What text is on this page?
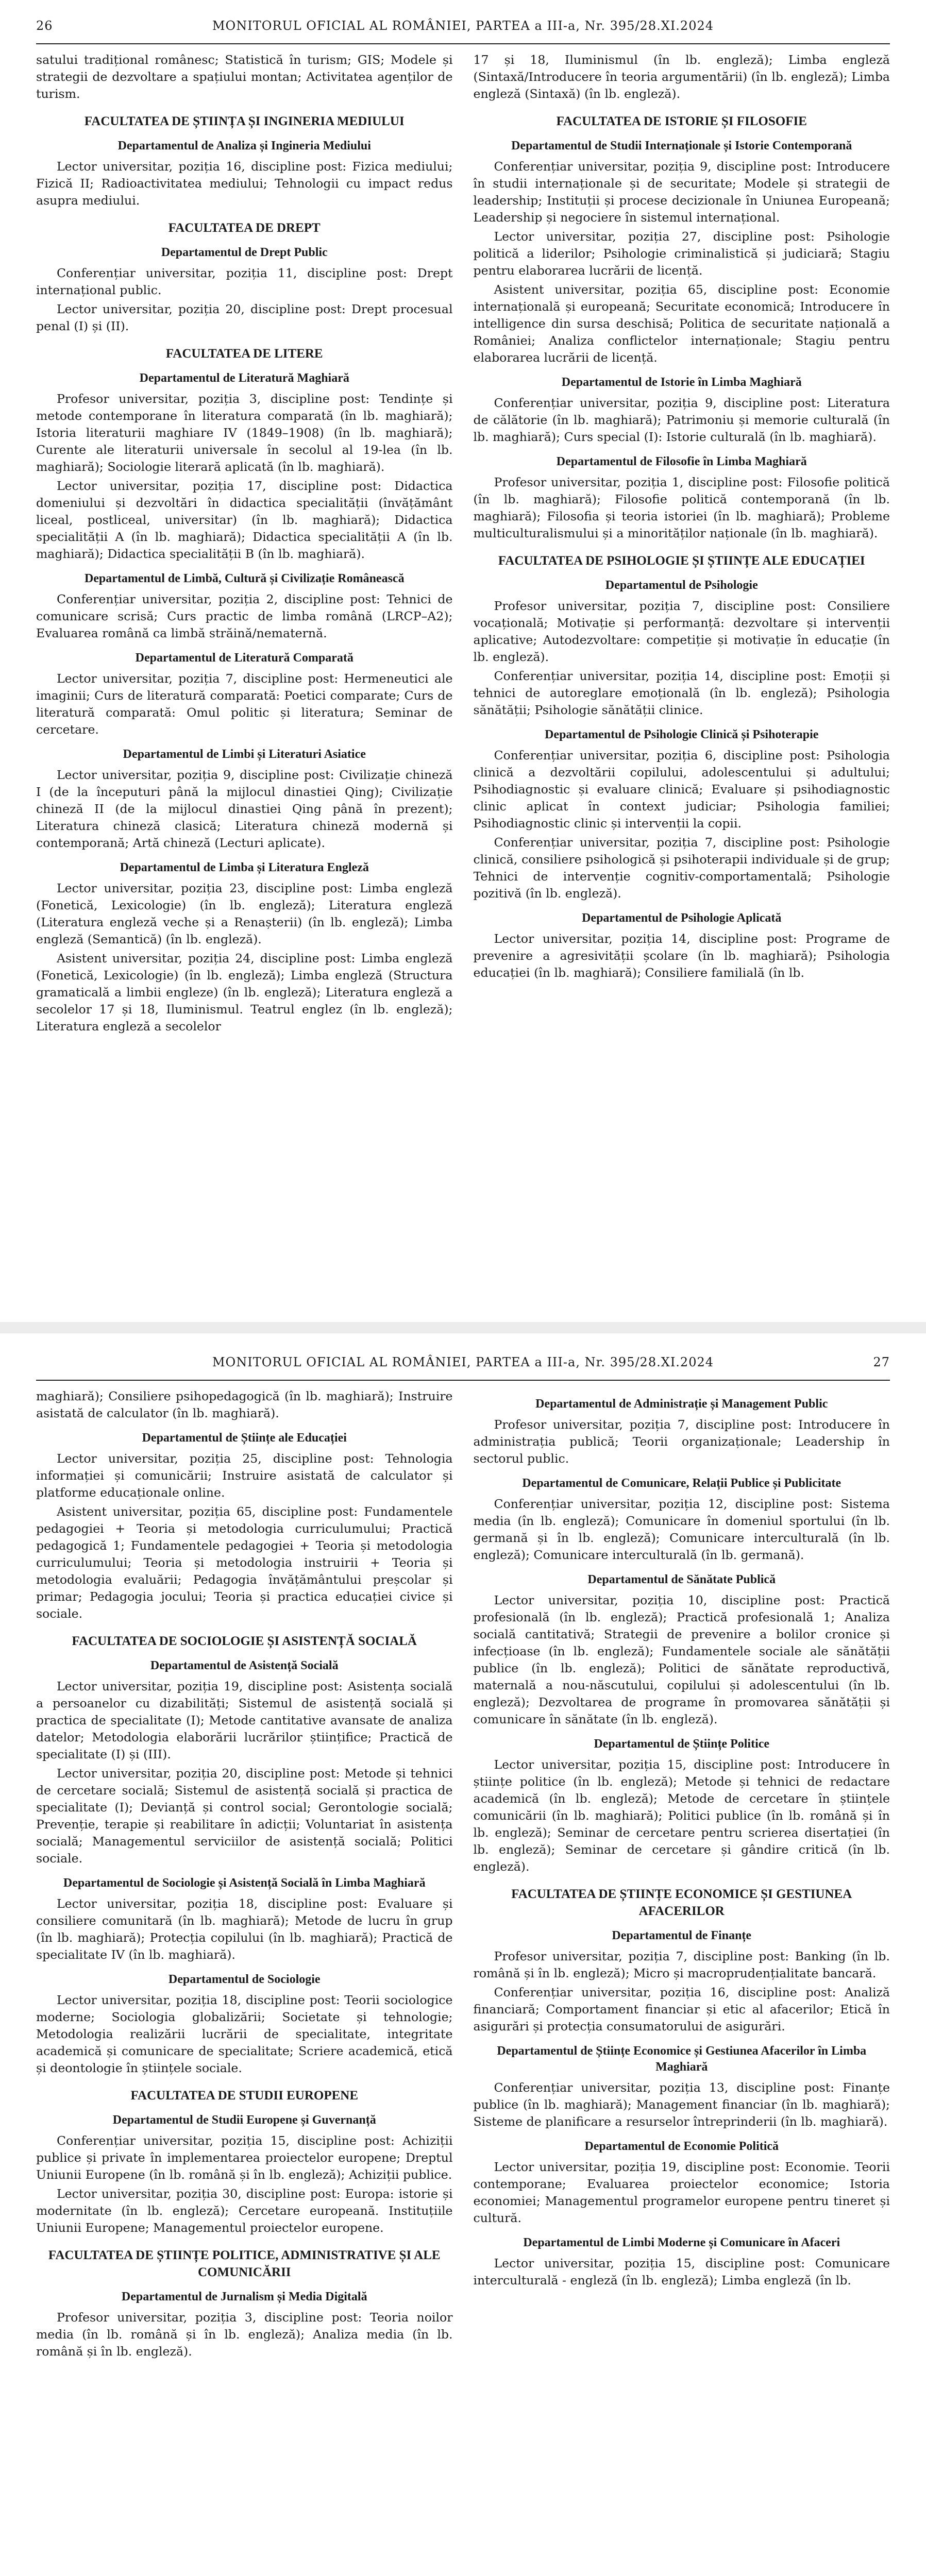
26	MONITORUL OFICIAL AL ROMÂNIEI, PARTEA a III-a, Nr. 395/28.XI.2024
satului tradițional românesc; Statistică în turism; GIS; Modele și strategii de dezvoltare a spațiului montan; Activitatea agenților de turism.
FACULTATEA DE ȘTIINȚA ȘI INGINERIA MEDIULUI
Departamentul de Analiza și Ingineria Mediului
Lector universitar, poziția 16, discipline post: Fizica mediului; Fizică II; Radioactivitatea mediului; Tehnologii cu impact redus asupra mediului.
FACULTATEA DE DREPT
Departamentul de Drept Public
Conferențiar universitar, poziția 11, discipline post: Drept internațional public.
Lector universitar, poziția 20, discipline post: Drept procesual penal (I) și (II).
FACULTATEA DE LITERE
Departamentul de Literatură Maghiară
Profesor universitar, poziția 3, discipline post: Tendințe și metode contemporane în literatura comparată (în lb. maghiară); Istoria literaturii maghiare IV (1849–1908) (în lb. maghiară); Curente ale literaturii universale în secolul al 19-lea (în lb. maghiară); Sociologie literară aplicată (în lb. maghiară).
Lector universitar, poziția 17, discipline post: Didactica domeniului și dezvoltări în didactica specialității (învățământ liceal, postliceal, universitar) (în lb. maghiară); Didactica specialității A (în lb. maghiară); Didactica specialității A (în lb. maghiară); Didactica specialității B (în lb. maghiară).
Departamentul de Limbă, Cultură și Civilizație Românească
Conferențiar universitar, poziția 2, discipline post: Tehnici de comunicare scrisă; Curs practic de limba română (LRCP–A2); Evaluarea română ca limbă străină/nematernă.
Departamentul de Literatură Comparată
Lector universitar, poziția 7, discipline post: Hermeneutici ale imaginii; Curs de literatură comparată: Poetici comparate; Curs de literatură comparată: Omul politic și literatura; Seminar de cercetare.
Departamentul de Limbi și Literaturi Asiatice
Lector universitar, poziția 9, discipline post: Civilizație chineză I (de la începuturi până la mijlocul dinastiei Qing); Civilizație chineză II (de la mijlocul dinastiei Qing până în prezent); Literatura chineză clasică; Literatura chineză modernă și contemporană; Artă chineză (Lecturi aplicate).
Departamentul de Limba și Literatura Engleză
Lector universitar, poziția 23, discipline post: Limba engleză (Fonetică, Lexicologie) (în lb. engleză); Literatura engleză (Literatura engleză veche și a Renașterii) (în lb. engleză); Limba engleză (Semantică) (în lb. engleză).
Asistent universitar, poziția 24, discipline post: Limba engleză (Fonetică, Lexicologie) (în lb. engleză); Limba engleză (Structura gramaticală a limbii engleze) (în lb. engleză); Literatura engleză a secolelor 17 și 18, Iluminismul. Teatrul englez (în lb. engleză); Literatura engleză a secolelor
17 și 18, Iluminismul (în lb. engleză); Limba engleză (Sintaxă/Introducere în teoria argumentării) (în lb. engleză); Limba engleză (Sintaxă) (în lb. engleză).
FACULTATEA DE ISTORIE ȘI FILOSOFIE
Departamentul de Studii Internaționale și Istorie Contemporană
Conferențiar universitar, poziția 9, discipline post: Introducere în studii internaționale și de securitate; Modele și strategii de leadership; Instituții și procese decizionale în Uniunea Europeană; Leadership și negociere în sistemul internațional.
Lector universitar, poziția 27, discipline post: Psihologie politică a liderilor; Psihologie criminalistică și judiciară; Stagiu pentru elaborarea lucrării de licență.
Asistent universitar, poziția 65, discipline post: Economie internațională și europeană; Securitate economică; Introducere în intelligence din sursa deschisă; Politica de securitate națională a României; Analiza conflictelor internaționale; Stagiu pentru elaborarea lucrării de licență.
Departamentul de Istorie în Limba Maghiară
Conferențiar universitar, poziția 9, discipline post: Literatura de călătorie (în lb. maghiară); Patrimoniu și memorie culturală (în lb. maghiară); Curs special (I): Istorie culturală (în lb. maghiară).
Departamentul de Filosofie în Limba Maghiară
Profesor universitar, poziția 1, discipline post: Filosofie politică (în lb. maghiară); Filosofie politică contemporană (în lb. maghiară); Filosofia și teoria istoriei (în lb. maghiară); Probleme multiculturalismului și a minorităților naționale (în lb. maghiară).
FACULTATEA DE PSIHOLOGIE ȘI ȘTIINȚE ALE EDUCAȚIEI
Departamentul de Psihologie
Profesor universitar, poziția 7, discipline post: Consiliere vocațională; Motivație și performanță: dezvoltare și intervenții aplicative; Autodezvoltare: competiție și motivație în educație (în lb. engleză).
Conferențiar universitar, poziția 14, discipline post: Emoții și tehnici de autoreglare emoțională (în lb. engleză); Psihologia sănătății; Psihologie sănătății clinice.
Departamentul de Psihologie Clinică și Psihoterapie
Conferențiar universitar, poziția 6, discipline post: Psihologia clinică a dezvoltării copilului, adolescentului și adultului; Psihodiagnostic și evaluare clinică; Evaluare și psihodiagnostic clinic aplicat în context judiciar; Psihologia familiei; Psihodiagnostic clinic și intervenții la copii.
Conferențiar universitar, poziția 7, discipline post: Psihologie clinică, consiliere psihologică și psihoterapii individuale și de grup; Tehnici de intervenție cognitiv-comportamentală; Psihologie pozitivă (în lb. engleză).
Departamentul de Psihologie Aplicată
Lector universitar, poziția 14, discipline post: Programe de prevenire a agresivității școlare (în lb. maghiară); Psihologia educației (în lb. maghiară); Consiliere familială (în lb.
MONITORUL OFICIAL AL ROMÂNIEI, PARTEA a III-a, Nr. 395/28.XI.2024	27
maghiară); Consiliere psihopedagogică (în lb. maghiară); Instruire asistată de calculator (în lb. maghiară).
Departamentul de Științe ale Educației
Lector universitar, poziția 25, discipline post: Tehnologia informației și comunicării; Instruire asistată de calculator și platforme educaționale online.
Asistent universitar, poziția 65, discipline post: Fundamentele pedagogiei + Teoria și metodologia curriculumului; Practică pedagogică 1; Fundamentele pedagogiei + Teoria și metodologia curriculumului; Teoria și metodologia instruirii + Teoria și metodologia evaluării; Pedagogia învățământului preșcolar și primar; Pedagogia jocului; Teoria și practica educației civice și sociale.
FACULTATEA DE SOCIOLOGIE ȘI ASISTENȚĂ SOCIALĂ
Departamentul de Asistență Socială
Lector universitar, poziția 19, discipline post: Asistența socială a persoanelor cu dizabilități; Sistemul de asistență socială și practica de specialitate (I); Metode cantitative avansate de analiza datelor; Metodologia elaborării lucrărilor științifice; Practică de specialitate (I) și (III).
Lector universitar, poziția 20, discipline post: Metode și tehnici de cercetare socială; Sistemul de asistență socială și practica de specialitate (I); Devianță și control social; Gerontologie socială; Prevenție, terapie și reabilitare în adicții; Voluntariat în asistența socială; Managementul serviciilor de asistență socială; Politici sociale.
Departamentul de Sociologie și Asistență Socială în Limba Maghiară
Lector universitar, poziția 18, discipline post: Evaluare și consiliere comunitară (în lb. maghiară); Metode de lucru în grup (în lb. maghiară); Protecția copilului (în lb. maghiară); Practică de specialitate IV (în lb. maghiară).
Departamentul de Sociologie
Lector universitar, poziția 18, discipline post: Teorii sociologice moderne; Sociologia globalizării; Societate și tehnologie; Metodologia realizării lucrării de specialitate, integritate academică și comunicare de specialitate; Scriere academică, etică și deontologie în științele sociale.
FACULTATEA DE STUDII EUROPENE
Departamentul de Studii Europene și Guvernanță
Conferențiar universitar, poziția 15, discipline post: Achiziții publice și private în implementarea proiectelor europene; Dreptul Uniunii Europene (în lb. română și în lb. engleză); Achiziții publice.
Lector universitar, poziția 30, discipline post: Europa: istorie și modernitate (în lb. engleză); Cercetare europeană. Instituțiile Uniunii Europene; Managementul proiectelor europene.
FACULTATEA DE ȘTIINȚE POLITICE, ADMINISTRATIVE ȘI ALE COMUNICĂRII
Departamentul de Jurnalism și Media Digitală
Profesor universitar, poziția 3, discipline post: Teoria noilor media (în lb. română și în lb. engleză); Analiza media (în lb. română și în lb. engleză).
Departamentul de Administrație și Management Public
Profesor universitar, poziția 7, discipline post: Introducere în administrația publică; Teorii organizaționale; Leadership în sectorul public.
Departamentul de Comunicare, Relații Publice și Publicitate
Conferențiar universitar, poziția 12, discipline post: Sistema media (în lb. engleză); Comunicare în domeniul sportului (în lb. germană și în lb. engleză); Comunicare interculturală (în lb. engleză); Comunicare interculturală (în lb. germană).
Departamentul de Sănătate Publică
Lector universitar, poziția 10, discipline post: Practică profesională (în lb. engleză); Practică profesională 1; Analiza socială cantitativă; Strategii de prevenire a bolilor cronice și infecțioase (în lb. engleză); Fundamentele sociale ale sănătății publice (în lb. engleză); Politici de sănătate reproductivă, maternală a nou-născutului, copilului și adolescentului (în lb. engleză); Dezvoltarea de programe în promovarea sănătății și comunicare în sănătate (în lb. engleză).
Departamentul de Științe Politice
Lector universitar, poziția 15, discipline post: Introducere în științe politice (în lb. engleză); Metode și tehnici de redactare academică (în lb. engleză); Metode de cercetare în științele comunicării (în lb. maghiară); Politici publice (în lb. română și în lb. engleză); Seminar de cercetare pentru scrierea disertației (în lb. engleză); Seminar de cercetare și gândire critică (în lb. engleză).
FACULTATEA DE ȘTIINȚE ECONOMICE ȘI GESTIUNEA AFACERILOR
Departamentul de Finanțe
Profesor universitar, poziția 7, discipline post: Banking (în lb. română și în lb. engleză); Micro și macroprudențialitate bancară.
Conferențiar universitar, poziția 16, discipline post: Analiză financiară; Comportament financiar și etic al afacerilor; Etică în asigurări și protecția consumatorului de asigurări.
Departamentul de Științe Economice și Gestiunea Afacerilor în Limba Maghiară
Conferențiar universitar, poziția 13, discipline post: Finanțe publice (în lb. maghiară); Management financiar (în lb. maghiară); Sisteme de planificare a resurselor întreprinderii (în lb. maghiară).
Departamentul de Economie Politică
Lector universitar, poziția 19, discipline post: Economie. Teorii contemporane; Evaluarea proiectelor economice; Istoria economiei; Managementul programelor europene pentru tineret și cultură.
Departamentul de Limbi Moderne și Comunicare în Afaceri
Lector universitar, poziția 15, discipline post: Comunicare interculturală - engleză (în lb. engleză); Limba engleză (în lb.
